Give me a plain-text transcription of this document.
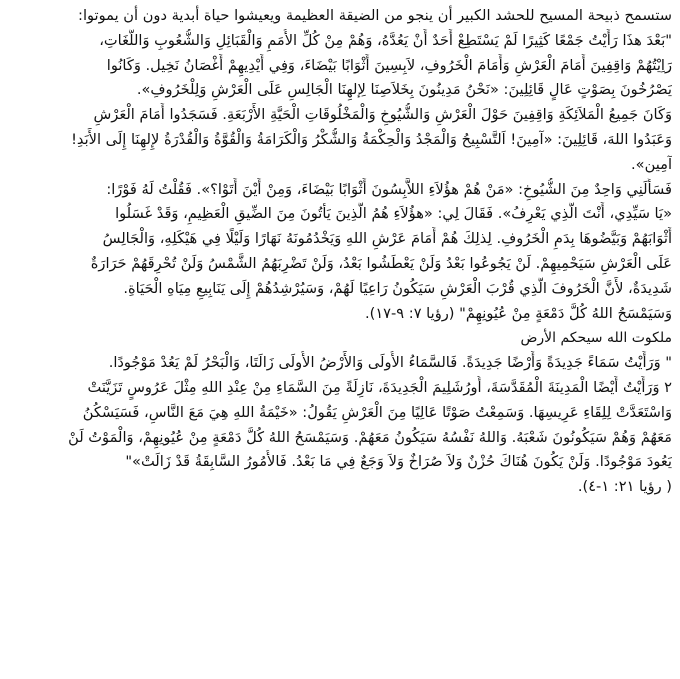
ستسمح ذبيحة المسيح للحشد الكبير أن ينجو من الضيقة العظيمة ويعيشوا حياة أبدية دون أن يموتوا:
"بَعْدَ هذَا رَأَيْتُ جَمْعًا كَثِيرًا لَمْ يَسْتَطِعْ أَحَدٌ أَنْ يَعُدَّهُ، وَهُمْ مِنْ كُلِّ الأُمَمِ وَالْقَبَائِلِ وَالشُّعُوبِ وَاللُّغَاتِ،
رَاِيْتُهُمْ وَاقِفِينَ أَمَامَ الْعَرْشِ وَأَمَامَ الْخَرُوفِ، لاَبِسِينَ أَثْوَابًا بَيْضَاءَ، وَفِي أَيْدِيهِمْ أَغْصَانُ نَخِيل. وَكَانُوا
يَصْرُخُونَ بِصَوْتٍ عَالٍ قَائِلِينَ: «نَحْنُ مَدِينُونَ بِخَلاَصِنَا لِإلهِنَا الْجَالِسِ عَلَى الْعَرْشِ وَلِلْخَرُوفِ».
وَكَانَ جَمِيعُ الْمَلاَئِكَةِ وَاقِفِينَ حَوْلَ الْعَرْشِ وَالشُّيُوخِ وَالْمَخْلُوقَاتِ الْحَيَّةِ الأَرْبَعَةِ. فَسَجَدُوا أَمَامَ الْعَرْشِ
وَعَبَدُوا اللهَ، قَائِلِينَ: «آمِينَ! اَلتَّسْبِيحُ وَالْمَجْدُ وَالْحِكْمَةُ وَالشُّكْرُ وَالْكَرَامَةُ وَالْقُوَّةُ وَالْقُدْرَةُ لإِلهِنَا إِلَى الأَبَدِ!
آمِين».
فَسَأَلَنِي وَاحِدٌ مِنَ الشُّيُوخِ: «مَنْ هُمْ هؤُلاَءِ اللاَّبِسُونَ أَثْوَابًا بَيْضَاءَ، وَمِنْ أَيْنَ أَتَوْا؟». فَقُلْتُ لَهُ فَوْرًا:
«يَا سَيِّدِي، أَنْتَ الَّذِي يَعْرِفُ». فَقَالَ لِي: «هؤُلاَءِ هُمُ الَّذِينَ يَأْتُونَ مِنَ الضِّيقِ الْعَظِيمِ، وَقَدْ غَسَلُوا
أَثْوَابَهُمْ وَبَيَّضُوهَا بِدَمِ الْخَرُوفِ. لِذلِكَ هُمْ أَمَامَ عَرْشِ اللهِ وَيَخْدُمُونَهُ نَهَارًا وَلَيْلًا فِي هَيْكَلِهِ، وَالْجَالِسُ
عَلَى الْعَرْشِ سَيَحْمِيهِمْ. لَنْ يَجُوعُوا بَعْدُ وَلَنْ يَعْطَشُوا بَعْدُ، وَلَنْ تَضْرِبَهُمُ الشَّمْسُ وَلَنْ تُحْرِقَهُمْ حَرَارَةٌ
شَدِيدَةٌ، لأَنَّ الْخَرُوفَ الَّذِي قُرْبَ الْعَرْشِ سَيَكُونُ رَاعِيًا لَهُمْ، وَسَيُرْشِدُهُمْ إِلَى يَنَابِيعِ مِيَاهِ الْحَيَاةِ.
وَسَيَمْسَحُ اللهُ كُلَّ دَمْعَةٍ مِنْ عُيُونِهِمْ" (رؤيا ٧: ٩-١٧).
ملكوت الله سيحكم الأرض
" وَرَأَيْتُ سَمَاءً جَدِيدَةً وَأَرْضًا جَدِيدَةً. فَالسَّمَاءُ الأُولَى وَالأَرْضُ الأُولَى زَالَتَا، وَالْبَحْرُ لَمْ يَعُدْ مَوْجُودًا.
٢ وَرَأَيْتُ أَيْضًا الْمَدِينَةَ الْمُقَدَّسَةَ، أُورُشَلِيمَ الْجَدِيدَةَ، نَازِلَةً مِنَ السَّمَاءِ مِنْ عِنْدِ اللهِ مِثْلَ عَرُوسٍ تَزَيَّنَتْ
وَاسْتَعَدَّتْ لِلِقَاءِ عَرِيسِهَا. وَسَمِعْتُ صَوْتًا عَالِيًا مِنَ الْعَرْشِ يَقُولُ: «خَيْمَةُ اللهِ هِيَ مَعَ النَّاسِ، فَسَيَسْكُنُ
مَعَهُمْ وَهُمْ سَيَكُونُونَ شَعْبَهُ. وَاللهُ نَفْسُهُ سَيَكُونُ مَعَهُمْ. وَسَيَمْسَحُ اللهُ كُلَّ دَمْعَةٍ مِنْ عُيُونِهِمْ، وَالْمَوْتُ لَنْ
يَعُودَ مَوْجُودًا. وَلَنْ يَكُونَ هُنَاكَ حُزْنٌ وَلاَ صُرَاخٌ وَلاَ وَجَعٌ فِي مَا بَعْدُ. فَالأُمُورُ السَّابِقَةُ قَدْ زَالَتْ»"
( رؤيا ٢١: ١-٤).
